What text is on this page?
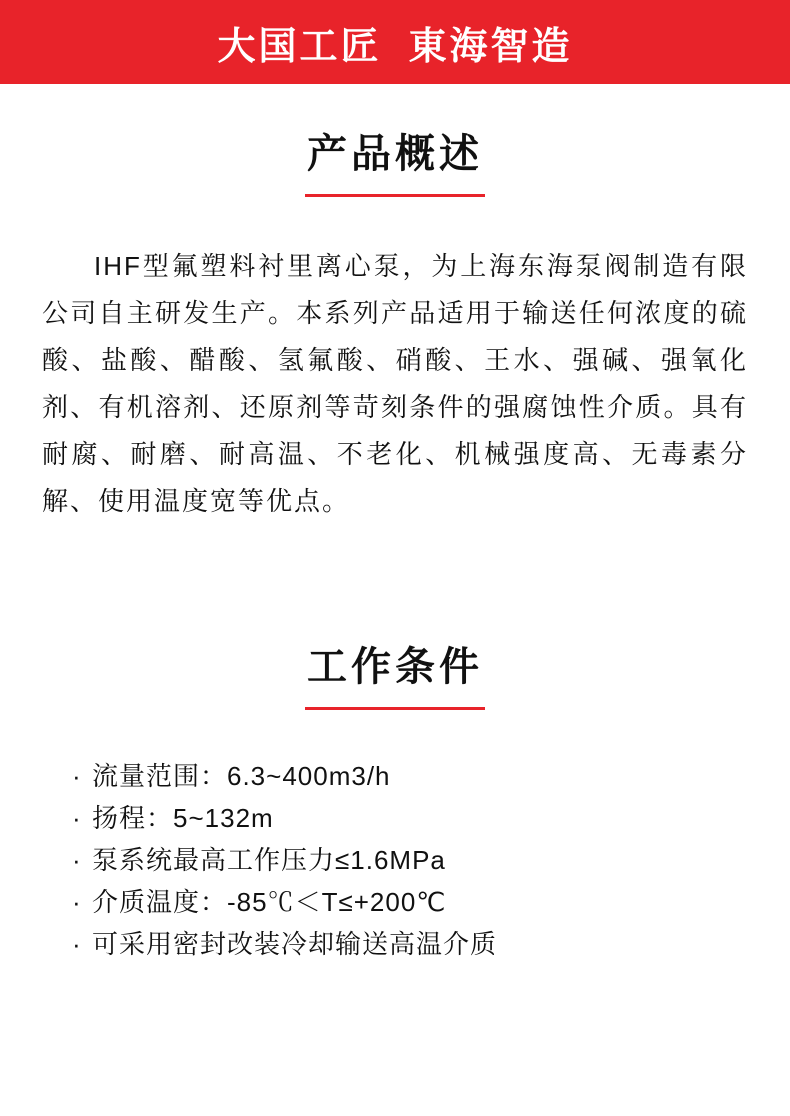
大国工匠  東海智造
产品概述
IHF型氟塑料衬里离心泵，为上海东海泵阀制造有限公司自主研发生产。本系列产品适用于输送任何浓度的硫酸、盐酸、醋酸、氢氟酸、硝酸、王水、强碱、强氧化剂、有机溶剂、还原剂等苛刻条件的强腐蚀性介质。具有耐腐、耐磨、耐高温、不老化、机械强度高、无毒素分解、使用温度宽等优点。
工作条件
· 流量范围：6.3~400m3/h
· 扬程：5~132m
· 泵系统最高工作压力≤1.6MPa
· 介质温度：-85℃＜T≤+200℃
· 可采用密封改装冷却输送高温介质
